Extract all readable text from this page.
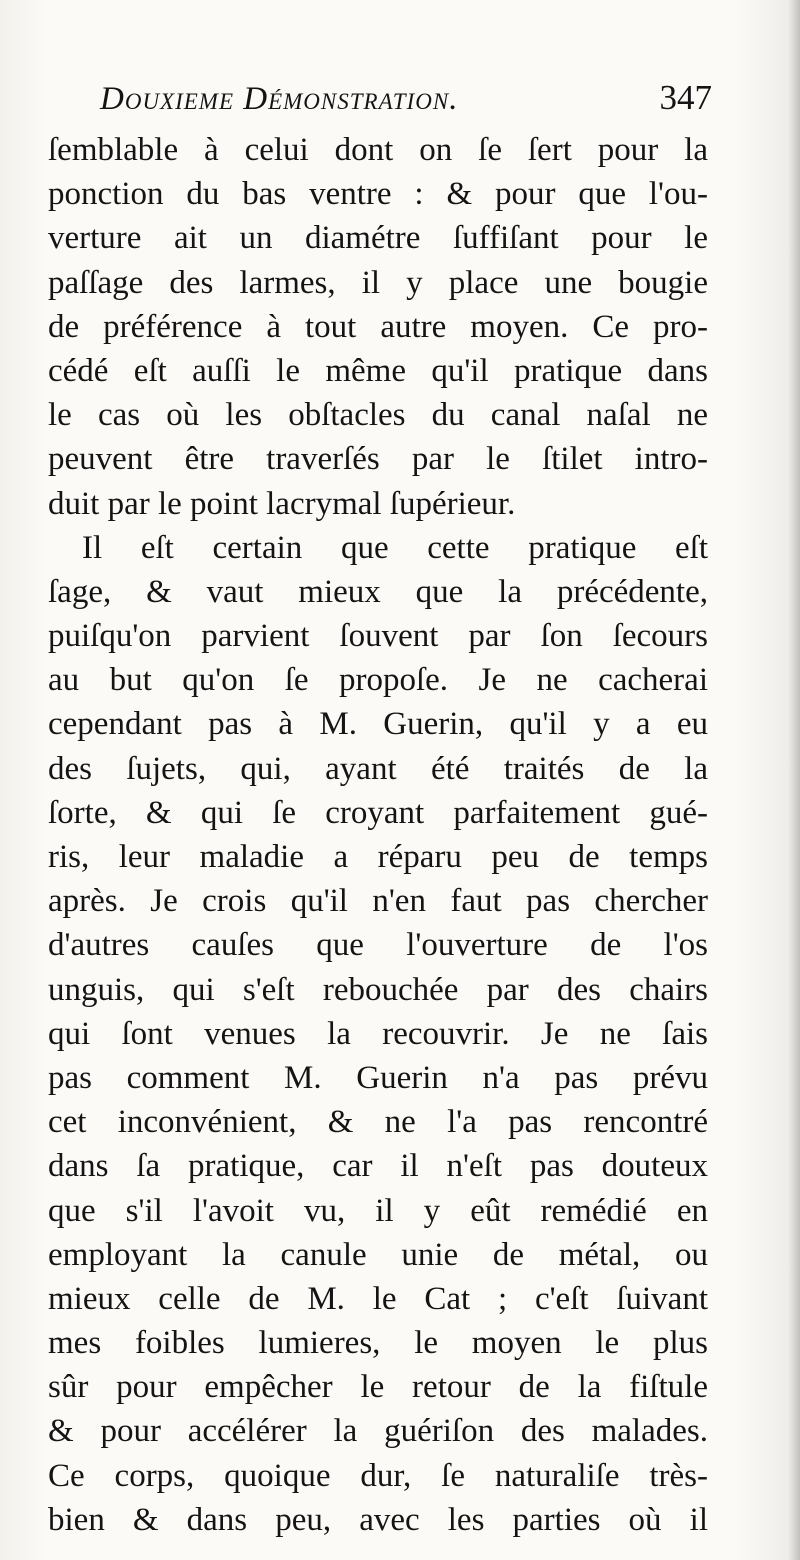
Douxieme Démonstration.	347
ſemblable à celui dont on ſe ſert pour la
ponction du bas ventre : & pour que l'ou-
verture ait un diamétre ſuffiſant pour le
paſſage des larmes, il y place une bougie
de préférence à tout autre moyen. Ce pro-
cédé eſt auſſi le même qu'il pratique dans
le cas où les obſtacles du canal naſal ne
peuvent être traverſés par le ſtilet intro-
duit par le point lacrymal ſupérieur.
Il eſt certain que cette pratique eſt
ſage, & vaut mieux que la précédente,
puiſqu'on parvient ſouvent par ſon ſecours
au but qu'on ſe propoſe. Je ne cacherai
cependant pas à M. Guerin, qu'il y a eu
des ſujets, qui, ayant été traités de la
ſorte, & qui ſe croyant parfaitement gué-
ris, leur maladie a réparu peu de temps
après. Je crois qu'il n'en faut pas chercher
d'autres cauſes que l'ouverture de l'os
unguis, qui s'eſt rebouchée par des chairs
qui ſont venues la recouvrir. Je ne ſais
pas comment M. Guerin n'a pas prévu
cet inconvénient, & ne l'a pas rencontré
dans ſa pratique, car il n'eſt pas douteux
que s'il l'avoit vu, il y eût remédié en
employant la canule unie de métal, ou
mieux celle de M. le Cat ; c'eſt ſuivant
mes foibles lumieres, le moyen le plus
sûr pour empêcher le retour de la fiſtule
& pour accélérer la guériſon des malades.
Ce corps, quoique dur, ſe naturaliſe très-
bien & dans peu, avec les parties où il
